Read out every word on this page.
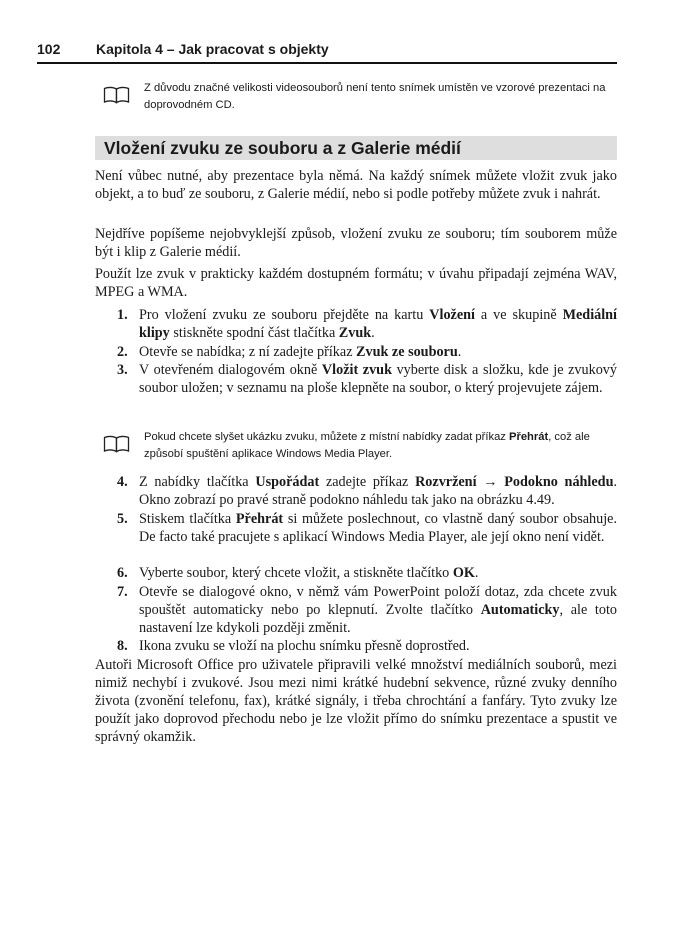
102	Kapitola 4 – Jak pracovat s objekty
Z důvodu značné velikosti videosouborů není tento snímek umístěn ve vzorové prezentaci na doprovodném CD.
Vložení zvuku ze souboru a z Galerie médií

Není vůbec nutné, aby prezentace byla němá. Na každý snímek můžete vložit zvuk jako objekt, a to buď ze souboru, z Galerie médií, nebo si podle potřeby můžete zvuk i nahrát.

Nejdříve popíšeme nejobvyklejší způsob, vložení zvuku ze souboru; tím souborem může být i klip z Galerie médií.

Použít lze zvuk v prakticky každém dostupném formátu; v úvahu připadají zejména WAV, MPEG a WMA.

1. Pro vložení zvuku ze souboru přejděte na kartu Vložení a ve skupině Mediální klipy stiskněte spodní část tlačítka Zvuk.
2. Otevře se nabídka; z ní zadejte příkaz Zvuk ze souboru.
3. V otevřeném dialogovém okně Vložit zvuk vyberte disk a složku, kde je zvukový soubor uložen; v seznamu na ploše klepněte na soubor, o který projevujete zájem.
Pokud chcete slyšet ukázku zvuku, můžete z místní nabídky zadat příkaz Přehrát, což ale způsobí spuštění aplikace Windows Media Player.
4. Z nabídky tlačítka Uspořádat zadejte příkaz Rozvržení → Podokno náhledu. Okno zobrazí po pravé straně podokno náhledu tak jako na obrázku 4.49.
5. Stiskem tlačítka Přehrát si můžete poslechnout, co vlastně daný soubor obsahuje. De facto také pracujete s aplikací Windows Media Player, ale její okno není vidět.
6. Vyberte soubor, který chcete vložit, a stiskněte tlačítko OK.
7. Otevře se dialogové okno, v němž vám PowerPoint položí dotaz, zda chcete zvuk spouštět automaticky nebo po klepnutí. Zvolte tlačítko Automaticky, ale toto nastavení lze kdykoli později změnit.
8. Ikona zvuku se vloží na plochu snímku přesně doprostřed.

Autoři Microsoft Office pro uživatele připravili velké množství mediálních souborů, mezi nimiž nechybí i zvukové. Jsou mezi nimi krátké hudební sekvence, různé zvuky denního života (zvonění telefonu, fax), krátké signály, i třeba chrochtání a fanfáry. Tyto zvuky lze použít jako doprovod přechodu nebo je lze vložit přímo do snímku prezentace a spustit ve správný okamžik.
